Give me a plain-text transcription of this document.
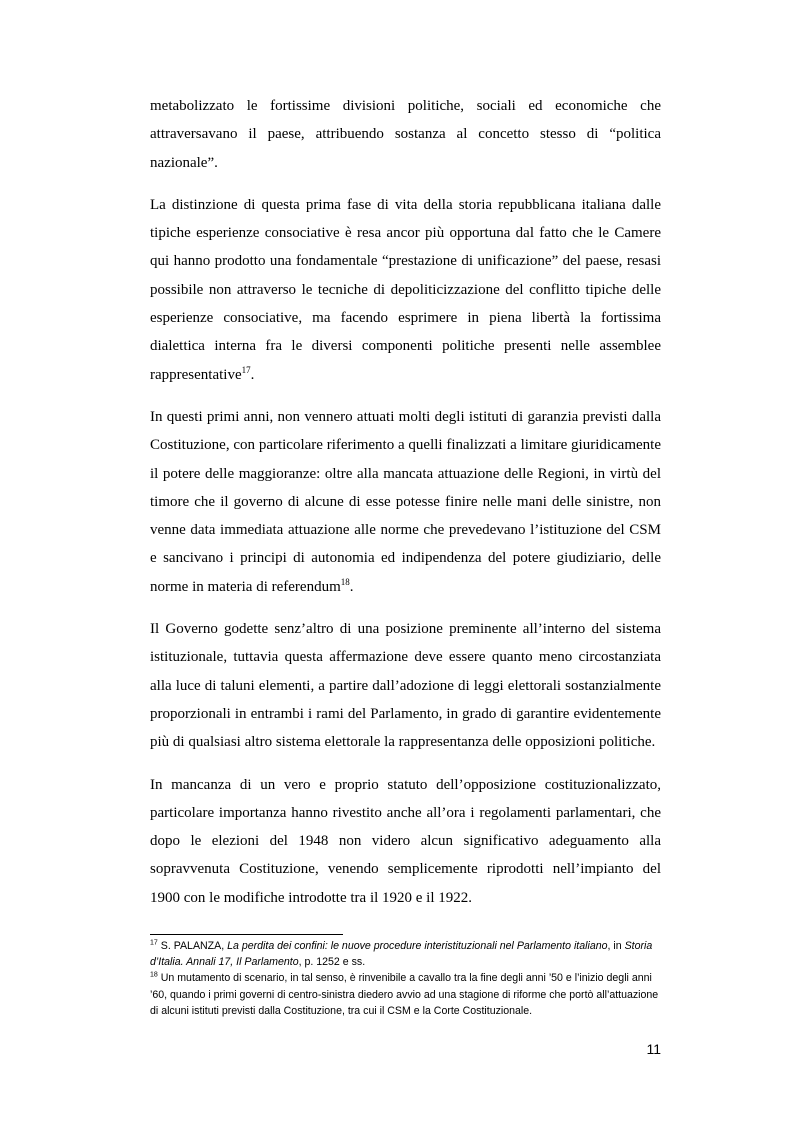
metabolizzato le fortissime divisioni politiche, sociali ed economiche che attraversavano il paese, attribuendo sostanza al concetto stesso di “politica nazionale”.

La distinzione di questa prima fase di vita della storia repubblicana italiana dalle tipiche esperienze consociative è resa ancor più opportuna dal fatto che le Camere qui hanno prodotto una fondamentale “prestazione di unificazione” del paese, resasi possibile non attraverso le tecniche di depoliticizzazione del conflitto tipiche delle esperienze consociative, ma facendo esprimere in piena libertà la fortissima dialettica interna fra le diversi componenti politiche presenti nelle assemblee rappresentative$^{17}$.

In questi primi anni, non vennero attuati molti degli istituti di garanzia previsti dalla Costituzione, con particolare riferimento a quelli finalizzati a limitare giuridicamente il potere delle maggioranze: oltre alla mancata attuazione delle Regioni, in virtù del timore che il governo di alcune di esse potesse finire nelle mani delle sinistre, non venne data immediata attuazione alle norme che prevedevano l’istituzione del CSM e sancivano i principi di autonomia ed indipendenza del potere giudiziario, delle norme in materia di referendum$^{18}$.

Il Governo godette senz’altro di una posizione preminente all’interno del sistema istituzionale, tuttavia questa affermazione deve essere quanto meno circostanziata alla luce di taluni elementi, a partire dall’adozione di leggi elettorali sostanzialmente proporzionali in entrambi i rami del Parlamento, in grado di garantire evidentemente più di qualsiasi altro sistema elettorale la rappresentanza delle opposizioni politiche.

In mancanza di un vero e proprio statuto dell’opposizione costituzionalizzato, particolare importanza hanno rivestito anche all’ora i regolamenti parlamentari, che dopo le elezioni del 1948 non videro alcun significativo adeguamento alla sopravvenuta Costituzione, venendo semplicemente riprodotti nell’impianto del 1900 con le modifiche introdotte tra il 1920 e il 1922.

$^{17}$ S. PALANZA, La perdita dei confini: le nuove procedure interistituzionali nel Parlamento italiano, in Storia d’Italia. Annali 17, Il Parlamento, p. 1252 e ss.

$^{18}$ Un mutamento di scenario, in tal senso, è rinvenibile a cavallo tra la fine degli anni ’50 e l’inizio degli anni ’60, quando i primi governi di centro-sinistra diedero avvio ad una stagione di riforme che portò all’attuazione di alcuni istituti previsti dalla Costituzione, tra cui il CSM e la Corte Costituzionale.

11
